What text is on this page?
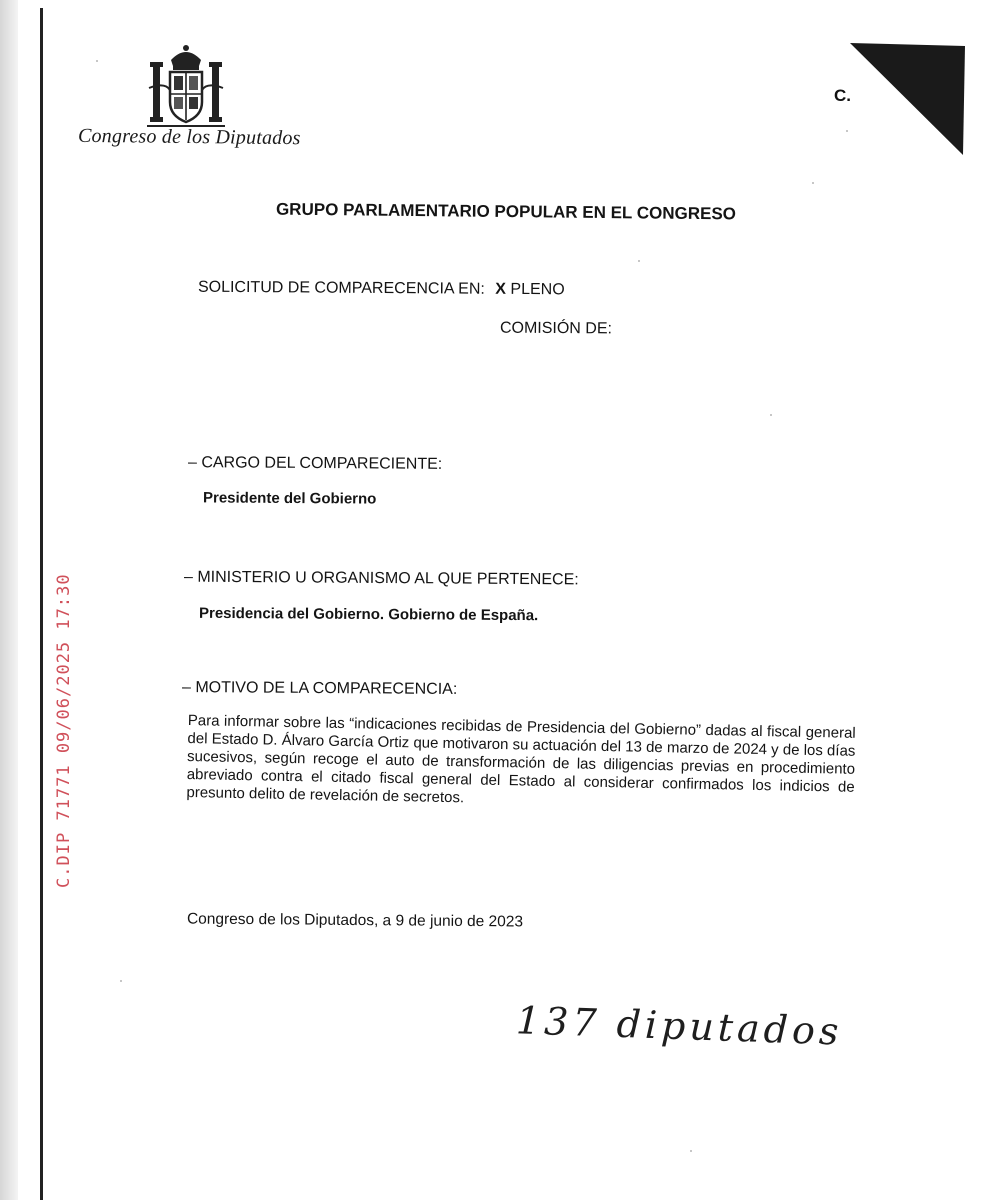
C.
Congreso de los Diputados
GRUPO PARLAMENTARIO POPULAR EN EL CONGRESO
SOLICITUD DE COMPARECENCIA EN: X PLENO
COMISIÓN DE:
– CARGO DEL COMPARECIENTE:
Presidente del Gobierno
– MINISTERIO U ORGANISMO AL QUE PERTENECE:
Presidencia del Gobierno. Gobierno de España.
– MOTIVO DE LA COMPARECENCIA:
Para informar sobre las “indicaciones recibidas de Presidencia del Gobierno” dadas al fiscal general del Estado D. Álvaro García Ortiz que motivaron su actuación del 13 de marzo de 2024 y de los días sucesivos, según recoge el auto de transformación de las diligencias previas en procedimiento abreviado contra el citado fiscal general del Estado al considerar confirmados los indicios de presunto delito de revelación de secretos.
Congreso de los Diputados, a 9 de junio de 2023
C.DIP 71771 09/06/2025 17:30
137 diputados
